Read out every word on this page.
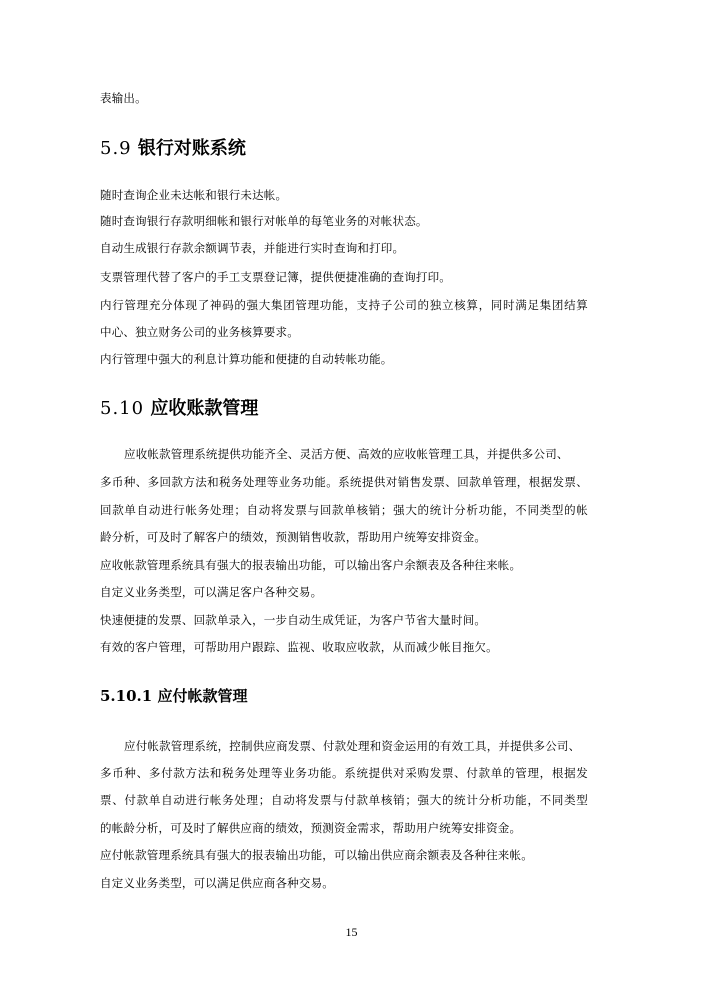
表输出。
5.9 银行对账系统
随时查询企业未达帐和银行未达帐。
随时查询银行存款明细帐和银行对帐单的每笔业务的对帐状态。
自动生成银行存款余额调节表，并能进行实时查询和打印。
支票管理代替了客户的手工支票登记簿，提供便捷准确的查询打印。
内行管理充分体现了神码的强大集团管理功能，支持子公司的独立核算，同时满足集团结算
中心、独立财务公司的业务核算要求。
内行管理中强大的利息计算功能和便捷的自动转帐功能。
5.10 应收账款管理
应收帐款管理系统提供功能齐全、灵活方便、高效的应收帐管理工具，并提供多公司、
多币种、多回款方法和税务处理等业务功能。系统提供对销售发票、回款单管理，根据发票、
回款单自动进行帐务处理；自动将发票与回款单核销；强大的统计分析功能，不同类型的帐
龄分析，可及时了解客户的绩效，预测销售收款，帮助用户统筹安排资金。
应收帐款管理系统具有强大的报表输出功能，可以输出客户余额表及各种往来帐。
自定义业务类型，可以满足客户各种交易。
快速便捷的发票、回款单录入，一步自动生成凭证，为客户节省大量时间。
有效的客户管理，可帮助用户跟踪、监视、收取应收款，从而减少帐目拖欠。
5.10.1 应付帐款管理
应付帐款管理系统，控制供应商发票、付款处理和资金运用的有效工具，并提供多公司、
多币种、多付款方法和税务处理等业务功能。系统提供对采购发票、付款单的管理，根据发
票、付款单自动进行帐务处理；自动将发票与付款单核销；强大的统计分析功能，不同类型
的帐龄分析，可及时了解供应商的绩效，预测资金需求，帮助用户统筹安排资金。
应付帐款管理系统具有强大的报表输出功能，可以输出供应商余额表及各种往来帐。
自定义业务类型，可以满足供应商各种交易。
15
